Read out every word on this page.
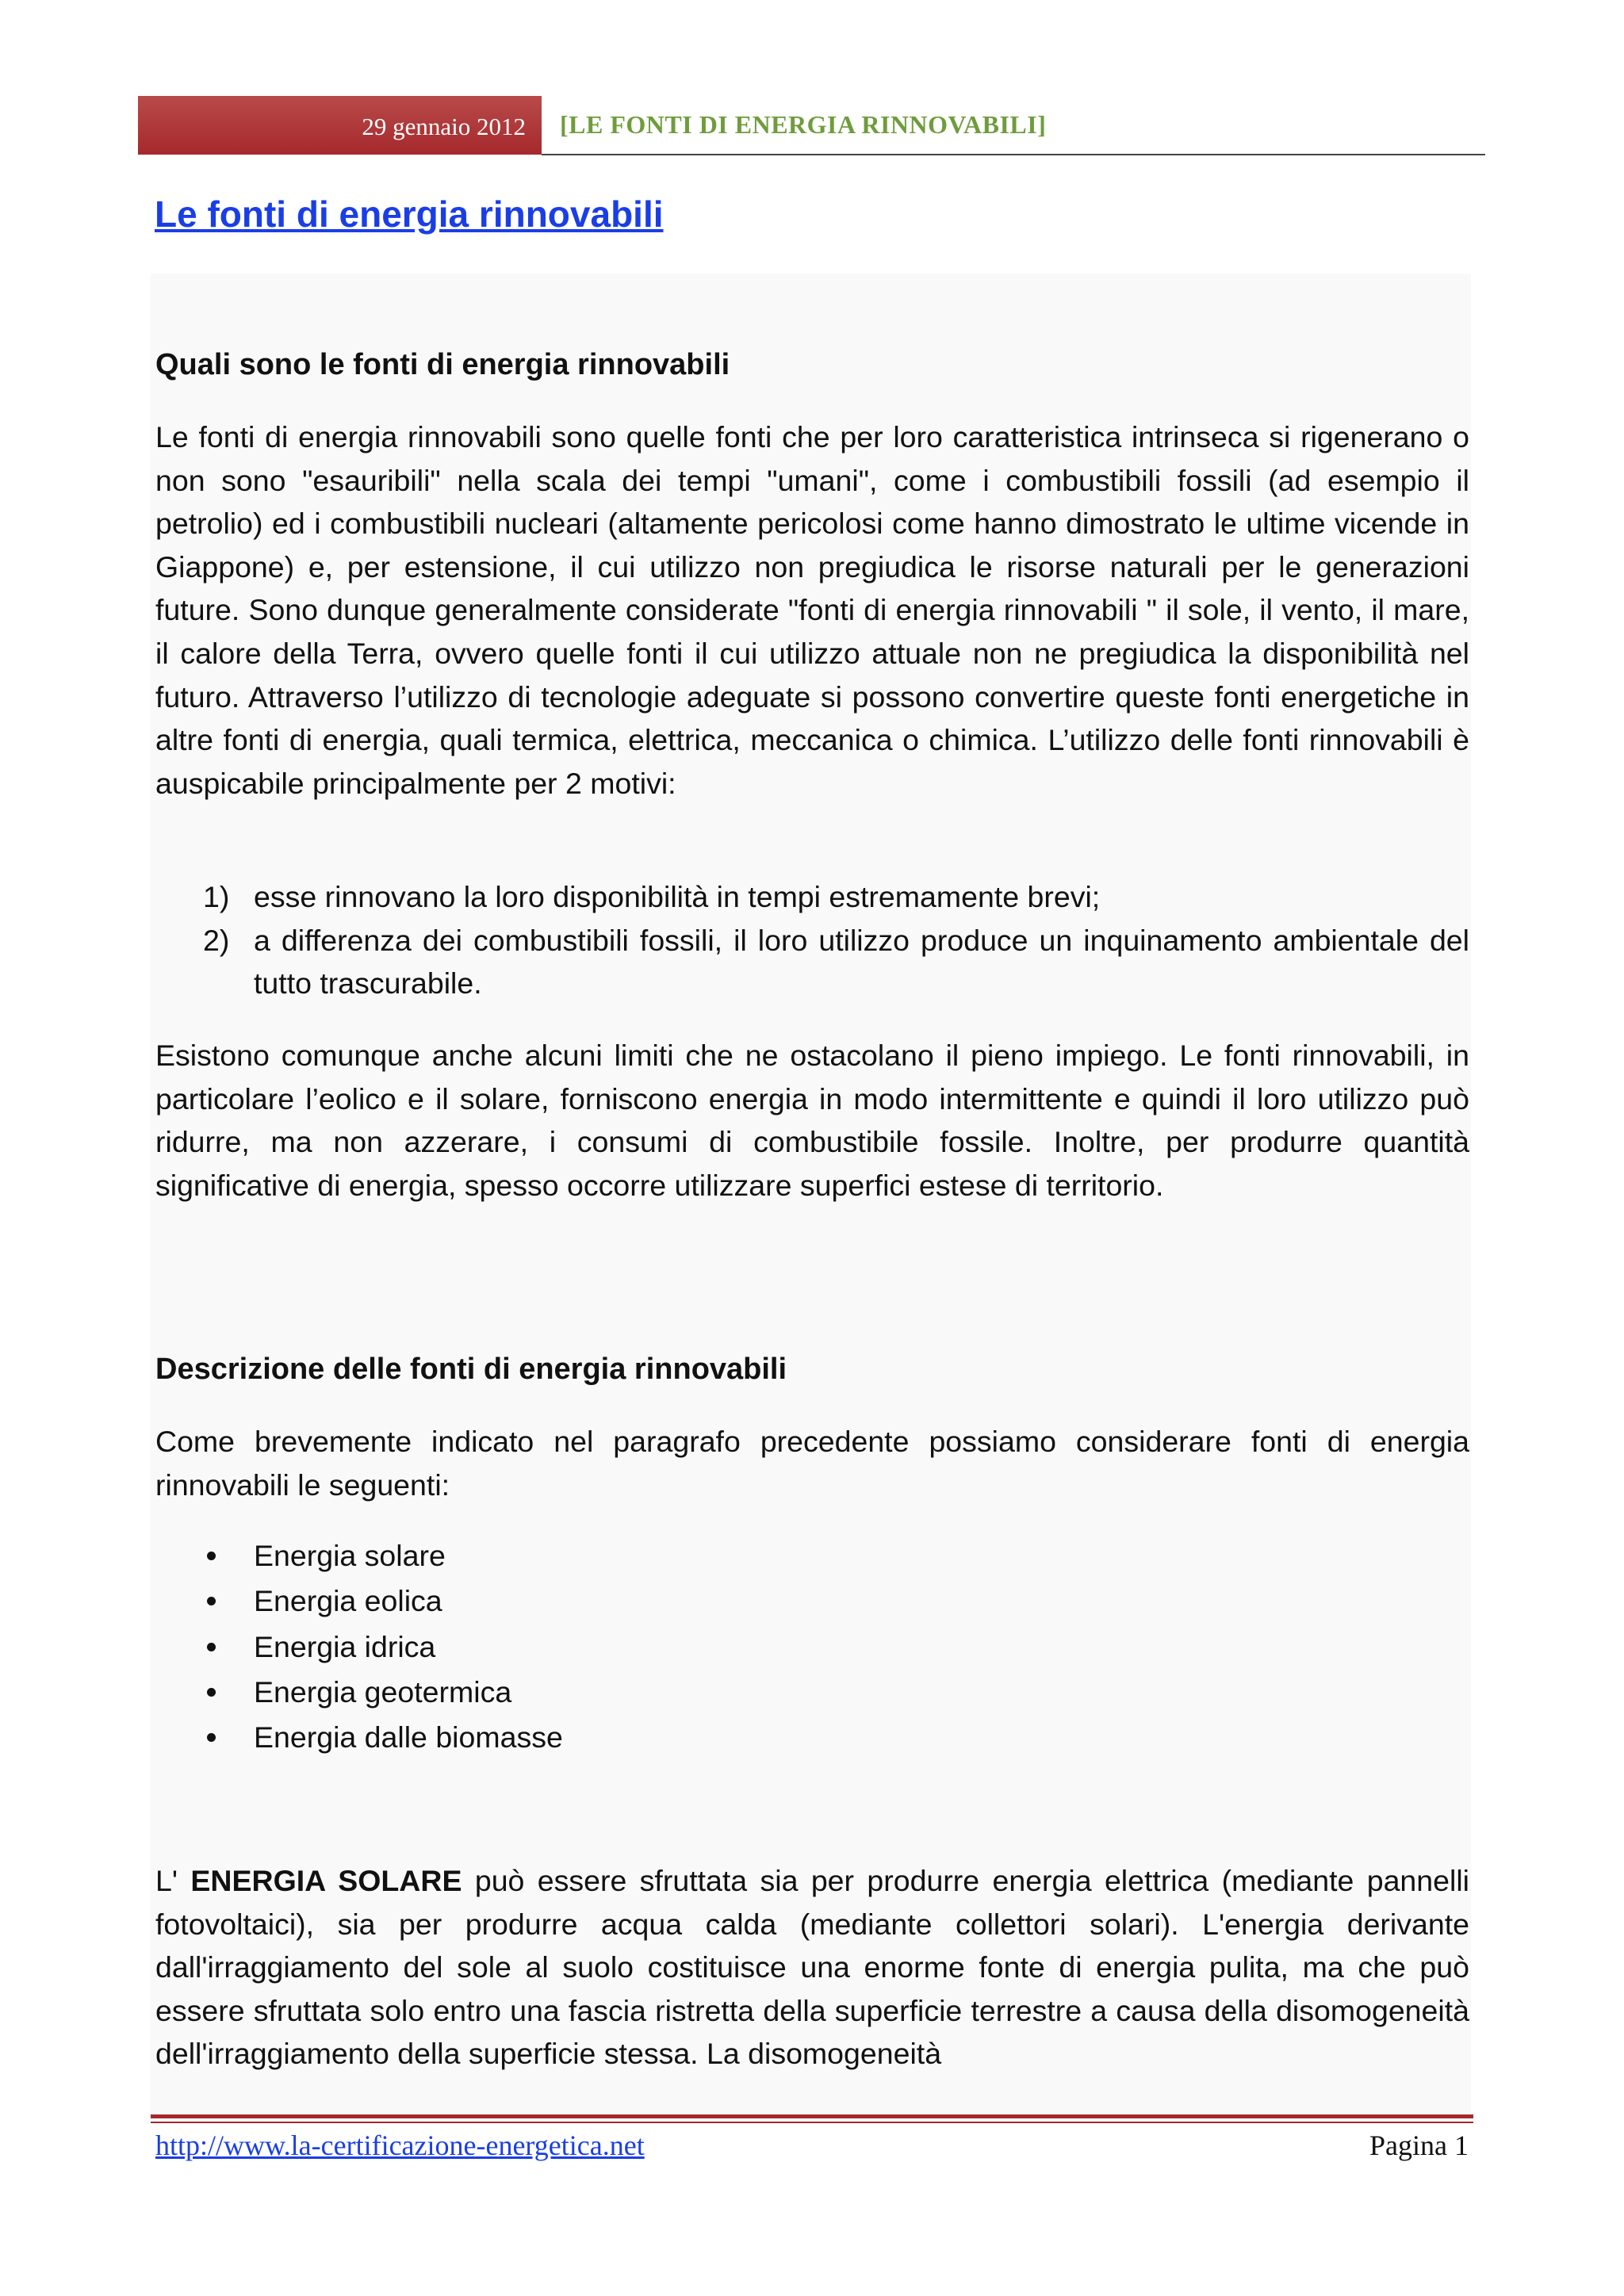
29 gennaio 2012	[LE FONTI DI ENERGIA RINNOVABILI]
Le fonti di energia rinnovabili
Quali sono le fonti di energia rinnovabili

Le fonti di energia rinnovabili sono quelle fonti che per loro caratteristica intrinseca si rigenerano o non sono "esauribili" nella scala dei tempi "umani", come i combustibili fossili (ad esempio il petrolio) ed i combustibili nucleari (altamente pericolosi come hanno dimostrato le ultime vicende in Giappone) e, per estensione, il cui utilizzo non pregiudica le risorse naturali per le generazioni future. Sono dunque generalmente considerate "fonti di energia rinnovabili " il sole, il vento, il mare, il calore della Terra, ovvero quelle fonti il cui utilizzo attuale non ne pregiudica la disponibilità nel futuro. Attraverso l’utilizzo di tecnologie adeguate si possono convertire queste fonti energetiche in altre fonti di energia, quali termica, elettrica, meccanica o chimica. L’utilizzo delle fonti rinnovabili è auspicabile principalmente per 2 motivi:

1) esse rinnovano la loro disponibilità in tempi estremamente brevi;
2) a differenza dei combustibili fossili, il loro utilizzo produce un inquinamento ambientale del tutto trascurabile.

Esistono comunque anche alcuni limiti che ne ostacolano il pieno impiego. Le fonti rinnovabili, in particolare l’eolico e il solare, forniscono energia in modo intermittente e quindi il loro utilizzo può ridurre, ma non azzerare, i consumi di combustibile fossile. Inoltre, per produrre quantità significative di energia, spesso occorre utilizzare superfici estese di territorio.

Descrizione delle fonti di energia rinnovabili

Come brevemente indicato nel paragrafo precedente possiamo considerare fonti di energia rinnovabili le seguenti:

Energia solare
Energia eolica
Energia idrica
Energia geotermica
Energia dalle biomasse

L' ENERGIA SOLARE può essere sfruttata sia per produrre energia elettrica (mediante pannelli fotovoltaici), sia per produrre acqua calda (mediante collettori solari). L'energia derivante dall'irraggiamento del sole al suolo costituisce una enorme fonte di energia pulita, ma che può essere sfruttata solo entro una fascia ristretta della superficie terrestre a causa della disomogeneità dell'irraggiamento della superficie stessa. La disomogeneità

http://www.la-certificazione-energetica.net	Pagina 1
